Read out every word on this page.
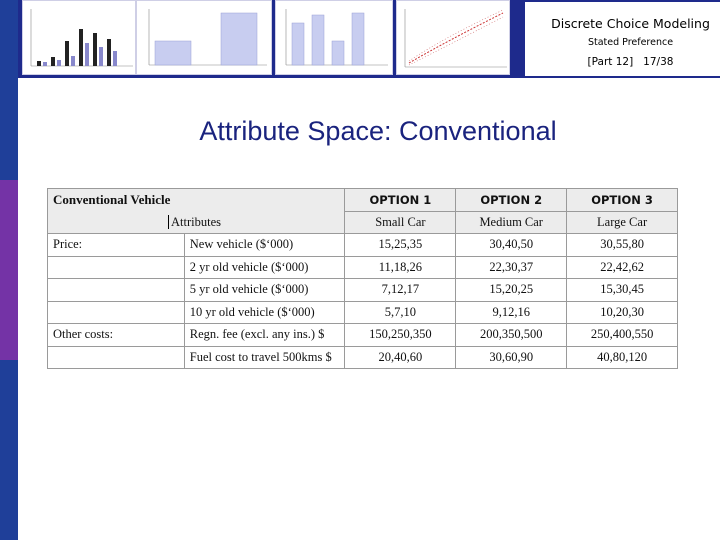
Discrete Choice Modeling
Stated Preference
[Part 12] 17/38
Attribute Space: Conventional
Conventional Vehicle		OPTION 1	OPTION 2	OPTION 3
Attributes		Small Car	Medium Car	Large Car
Price:	New vehicle ($‘000)	15,25,35	30,40,50	30,55,80
	2 yr old vehicle ($‘000)	11,18,26	22,30,37	22,42,62
	5 yr old vehicle ($‘000)	7,12,17	15,20,25	15,30,45
	10 yr old vehicle ($‘000)	5,7,10	9,12,16	10,20,30
Other costs:	Regn. fee (excl. any ins.) $	150,250,350	200,350,500	250,400,550
	Fuel cost to travel 500kms $	20,40,60	30,60,90	40,80,120
